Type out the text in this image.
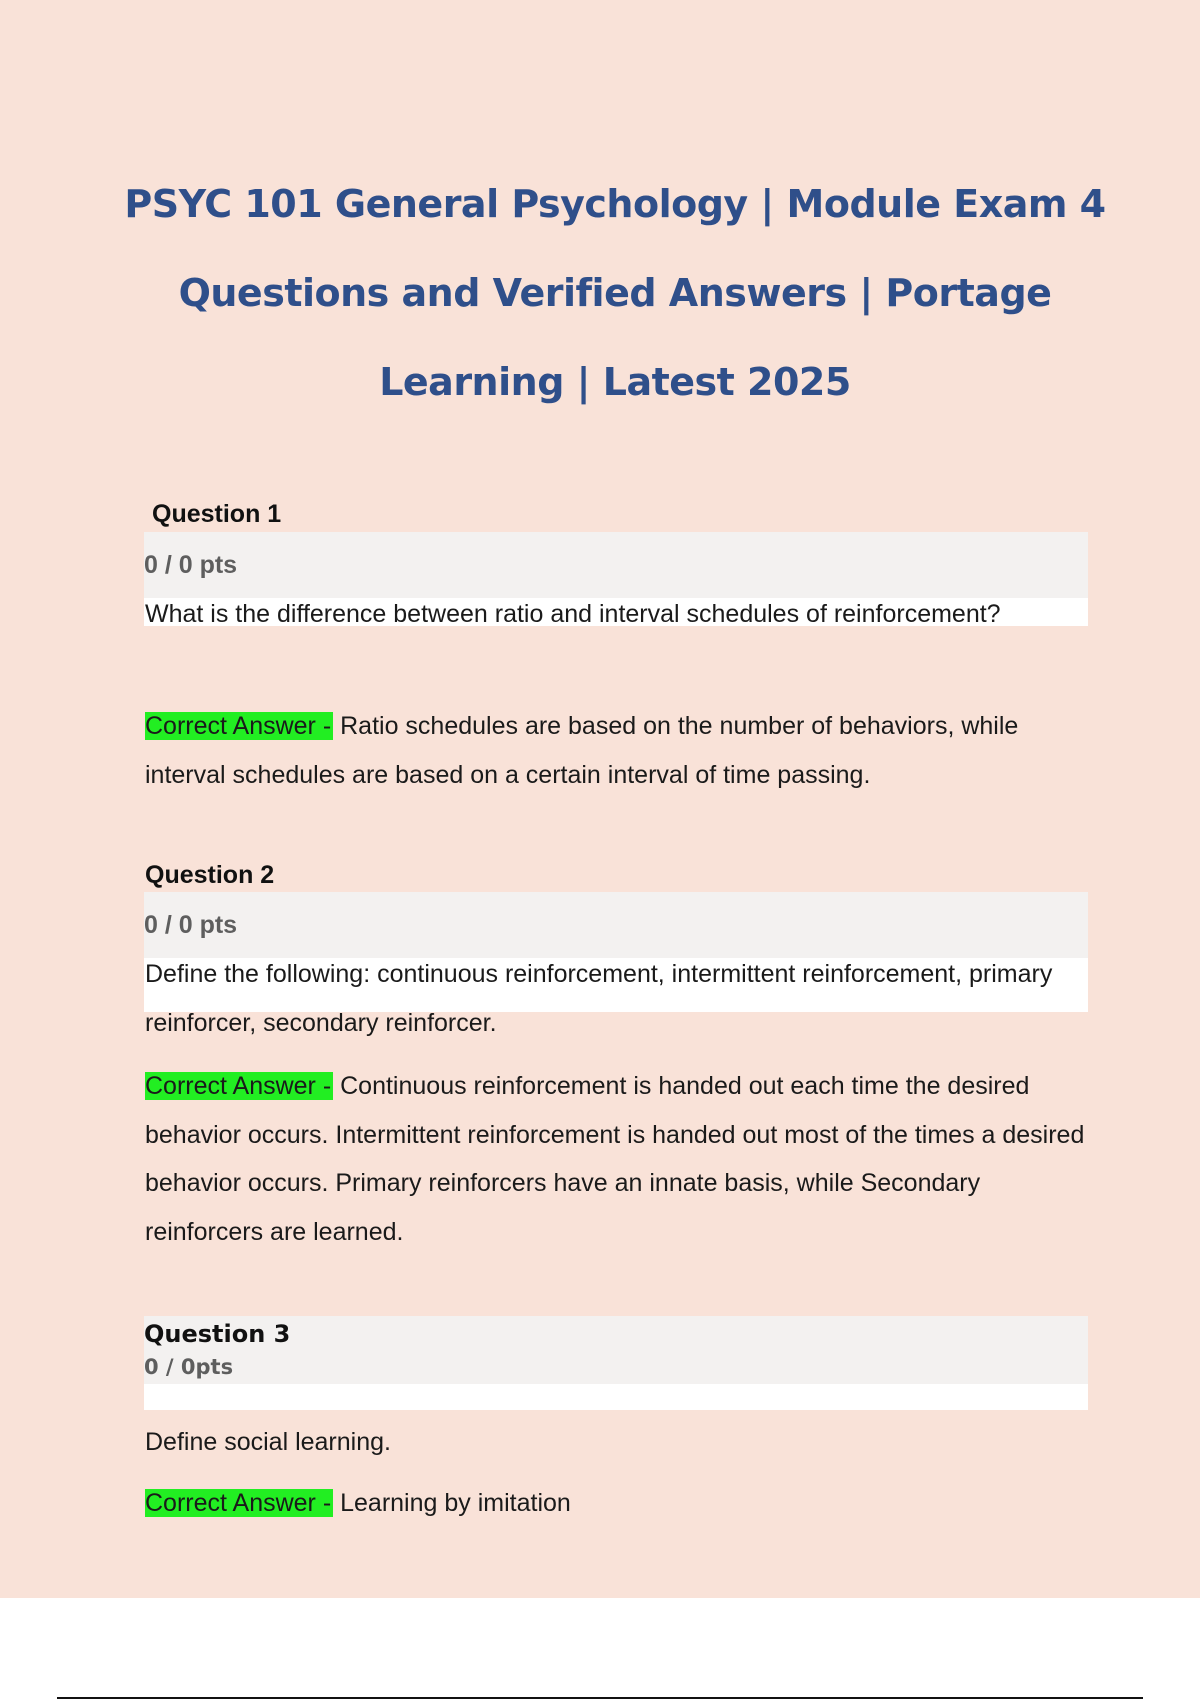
PSYC 101 General Psychology | Module Exam 4
Questions and Verified Answers | Portage
Learning | Latest 2025
Question 1
0 / 0 pts
What is the difference between ratio and interval schedules of reinforcement?
Correct Answer - Ratio schedules are based on the number of behaviors, while interval schedules are based on a certain interval of time passing.
Question 2
0 / 0 pts
Define the following: continuous reinforcement, intermittent reinforcement, primary reinforcer, secondary reinforcer.
Correct Answer - Continuous reinforcement is handed out each time the desired behavior occurs. Intermittent reinforcement is handed out most of the times a desired behavior occurs. Primary reinforcers have an innate basis, while Secondary reinforcers are learned.
Question 3
0 / 0pts
Define social learning.
Correct Answer - Learning by imitation
